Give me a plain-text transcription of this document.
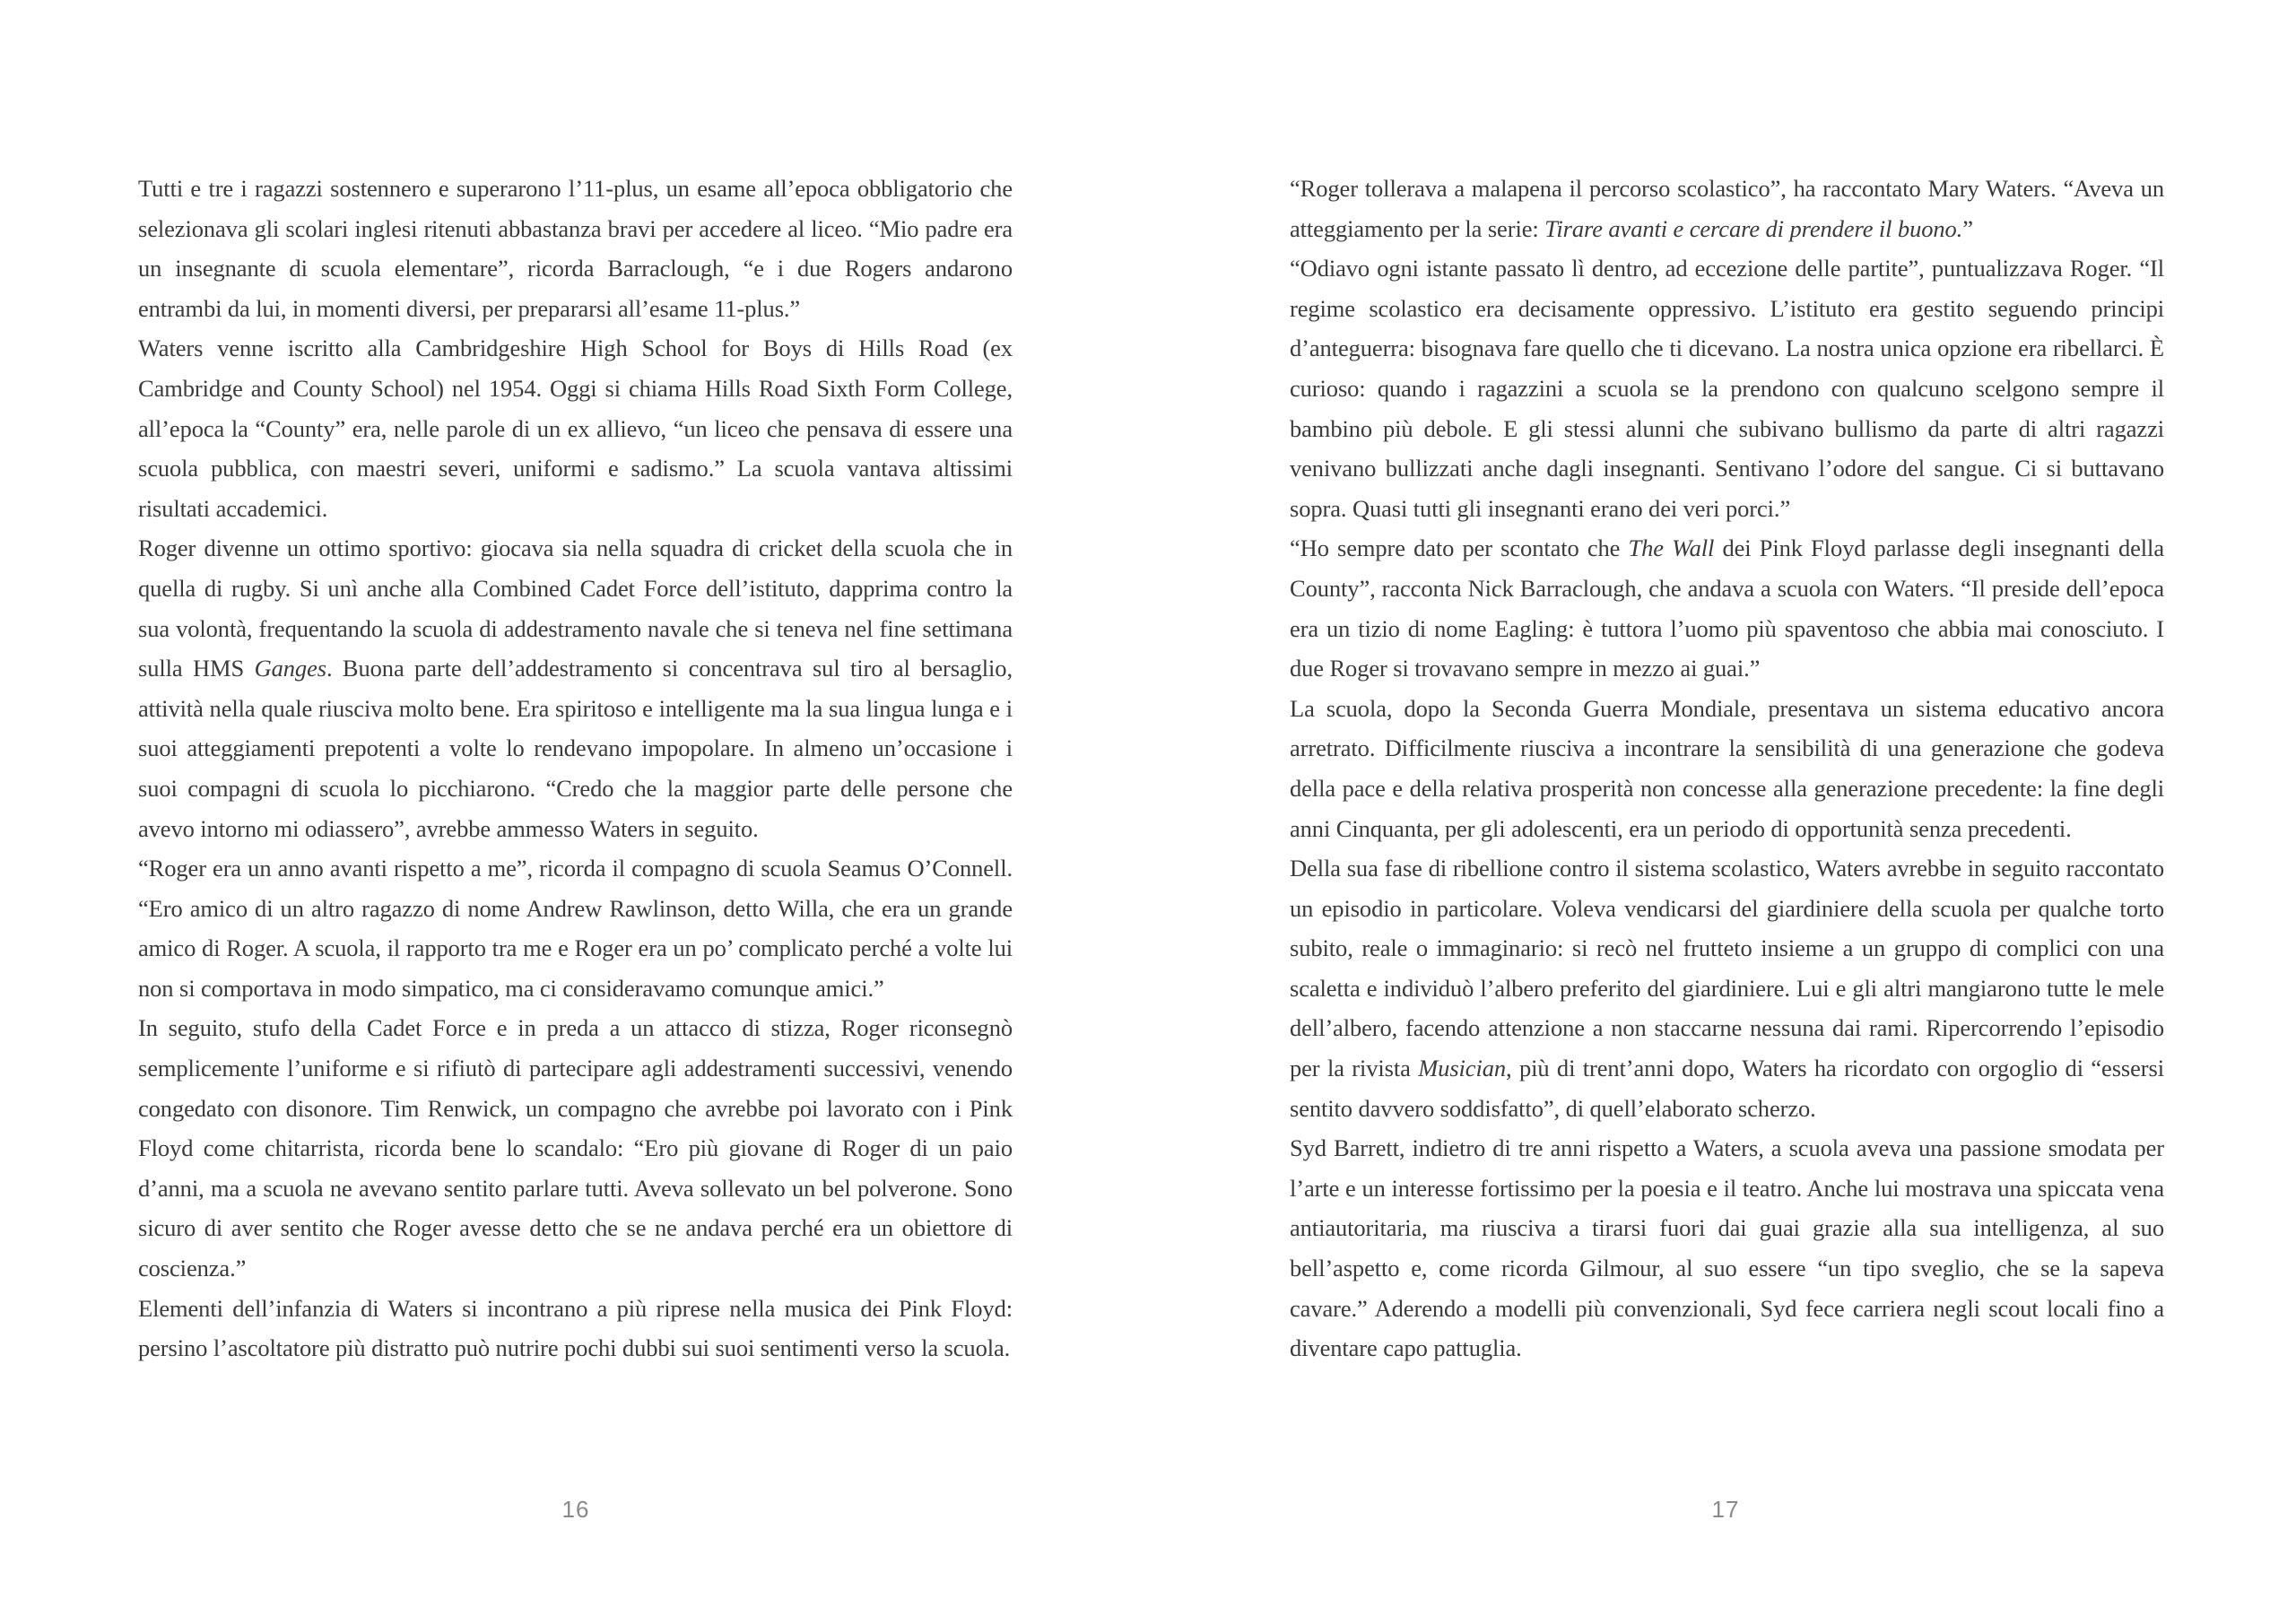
Tutti e tre i ragazzi sostennero e superarono l’11-plus, un esame all’epoca obbligatorio che selezionava gli scolari inglesi ritenuti abbastanza bravi per accedere al liceo. “Mio padre era un insegnante di scuola elementare”, ricorda Barraclough, “e i due Rogers andarono entrambi da lui, in momenti diversi, per prepararsi all’esame 11-plus.”

Waters venne iscritto alla Cambridgeshire High School for Boys di Hills Road (ex Cambridge and County School) nel 1954. Oggi si chiama Hills Road Sixth Form College, all’epoca la “County” era, nelle parole di un ex allievo, “un liceo che pensava di essere una scuola pubblica, con maestri severi, uniformi e sadismo.” La scuola vantava altissimi risultati accademici.

Roger divenne un ottimo sportivo: giocava sia nella squadra di cricket della scuola che in quella di rugby. Si unì anche alla Combined Cadet Force dell’istituto, dapprima contro la sua volontà, frequentando la scuola di addestramento navale che si teneva nel fine settimana sulla HMS Ganges. Buona parte dell’addestramento si concentrava sul tiro al bersaglio, attività nella quale riusciva molto bene. Era spiritoso e intelligente ma la sua lingua lunga e i suoi atteggiamenti prepotenti a volte lo rendevano impopolare. In almeno un’occasione i suoi compagni di scuola lo picchiarono. “Credo che la maggior parte delle persone che avevo intorno mi odiassero”, avrebbe ammesso Waters in seguito.

“Roger era un anno avanti rispetto a me”, ricorda il compagno di scuola Seamus O’Connell. “Ero amico di un altro ragazzo di nome Andrew Rawlinson, detto Willa, che era un grande amico di Roger. A scuola, il rapporto tra me e Roger era un po’ complicato perché a volte lui non si comportava in modo simpatico, ma ci consideravamo comunque amici.”

In seguito, stufo della Cadet Force e in preda a un attacco di stizza, Roger riconsegnò semplicemente l’uniforme e si rifiutò di partecipare agli addestramenti successivi, venendo congedato con disonore. Tim Renwick, un compagno che avrebbe poi lavorato con i Pink Floyd come chitarrista, ricorda bene lo scandalo: “Ero più giovane di Roger di un paio d’anni, ma a scuola ne avevano sentito parlare tutti. Aveva sollevato un bel polverone. Sono sicuro di aver sentito che Roger avesse detto che se ne andava perché era un obiettore di coscienza.”

Elementi dell’infanzia di Waters si incontrano a più riprese nella musica dei Pink Floyd: persino l’ascoltatore più distratto può nutrire pochi dubbi sui suoi sentimenti verso la scuola.

16

“Roger tollerava a malapena il percorso scolastico”, ha raccontato Mary Waters. “Aveva un atteggiamento per la serie: Tirare avanti e cercare di prendere il buono.”

“Odiavo ogni istante passato lì dentro, ad eccezione delle partite”, puntualizzava Roger. “Il regime scolastico era decisamente oppressivo. L’istituto era gestito seguendo principi d’anteguerra: bisognava fare quello che ti dicevano. La nostra unica opzione era ribellarci. È curioso: quando i ragazzini a scuola se la prendono con qualcuno scelgono sempre il bambino più debole. E gli stessi alunni che subivano bullismo da parte di altri ragazzi venivano bullizzati anche dagli insegnanti. Sentivano l’odore del sangue. Ci si buttavano sopra. Quasi tutti gli insegnanti erano dei veri porci.”

“Ho sempre dato per scontato che The Wall dei Pink Floyd parlasse degli insegnanti della County”, racconta Nick Barraclough, che andava a scuola con Waters. “Il preside dell’epoca era un tizio di nome Eagling: è tuttora l’uomo più spaventoso che abbia mai conosciuto. I due Roger si trovavano sempre in mezzo ai guai.”

La scuola, dopo la Seconda Guerra Mondiale, presentava un sistema educativo ancora arretrato. Difficilmente riusciva a incontrare la sensibilità di una generazione che godeva della pace e della relativa prosperità non concesse alla generazione precedente: la fine degli anni Cinquanta, per gli adolescenti, era un periodo di opportunità senza precedenti.

Della sua fase di ribellione contro il sistema scolastico, Waters avrebbe in seguito raccontato un episodio in particolare. Voleva vendicarsi del giardiniere della scuola per qualche torto subito, reale o immaginario: si recò nel frutteto insieme a un gruppo di complici con una scaletta e individuò l’albero preferito del giardiniere. Lui e gli altri mangiarono tutte le mele dell’albero, facendo attenzione a non staccarne nessuna dai rami. Ripercorrendo l’episodio per la rivista Musician, più di trent’anni dopo, Waters ha ricordato con orgoglio di “essersi sentito davvero soddisfatto”, di quell’elaborato scherzo.

Syd Barrett, indietro di tre anni rispetto a Waters, a scuola aveva una passione smodata per l’arte e un interesse fortissimo per la poesia e il teatro. Anche lui mostrava una spiccata vena antiautoritaria, ma riusciva a tirarsi fuori dai guai grazie alla sua intelligenza, al suo bell’aspetto e, come ricorda Gilmour, al suo essere “un tipo sveglio, che se la sapeva cavare.” Aderendo a modelli più convenzionali, Syd fece carriera negli scout locali fino a diventare capo pattuglia.

17
